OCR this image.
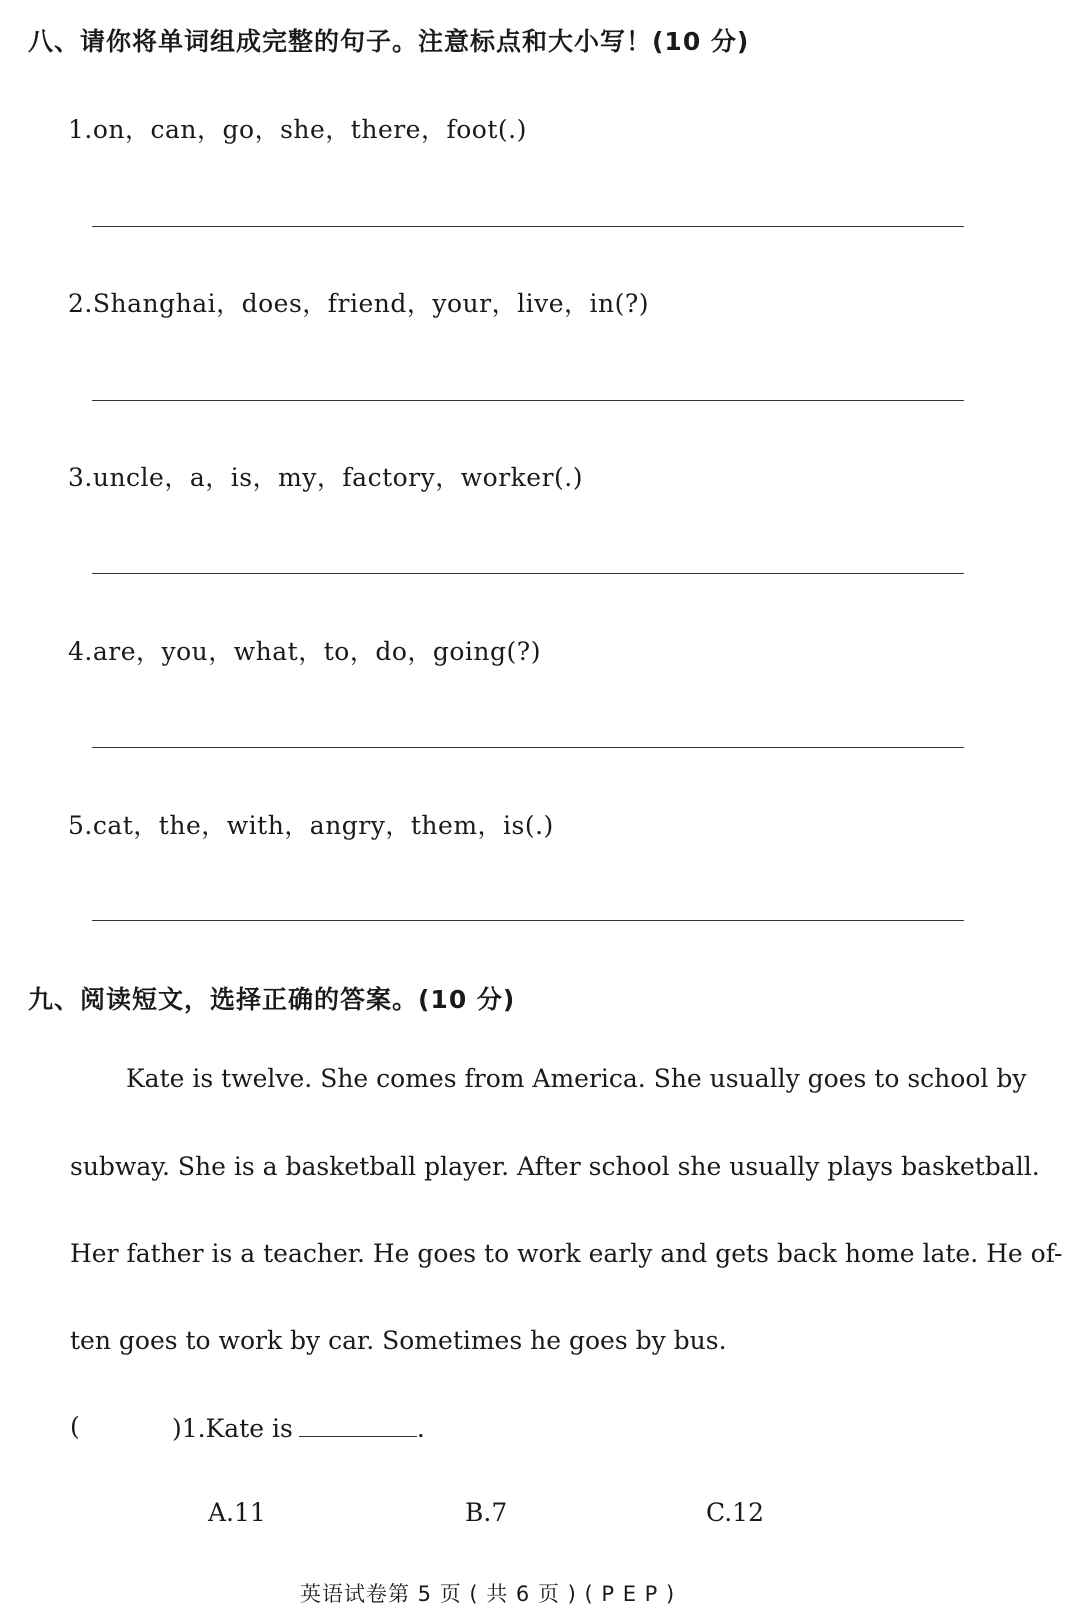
八、请你将单词组成完整的句子。注意标点和大小写！(10 分)
1.on，can，go，she，there，foot(.)
2.Shanghai，does，friend，your，live，in(?)
3.uncle，a，is，my，factory，worker(.)
4.are，you，what，to，do，going(?)
5.cat，the，with，angry，them，is(.)
九、阅读短文，选择正确的答案。(10 分)
Kate is twelve. She comes from America. She usually goes to school by
subway. She is a basketball player. After school she usually plays basketball.
Her father is a teacher. He goes to work early and gets back home late. He of-
ten goes to work by car. Sometimes he goes by bus.
(	)1.Kate is	.
A.11	B.7	C.12
英语试卷第 5 页 ( 共 6 页 ) ( P E P )
